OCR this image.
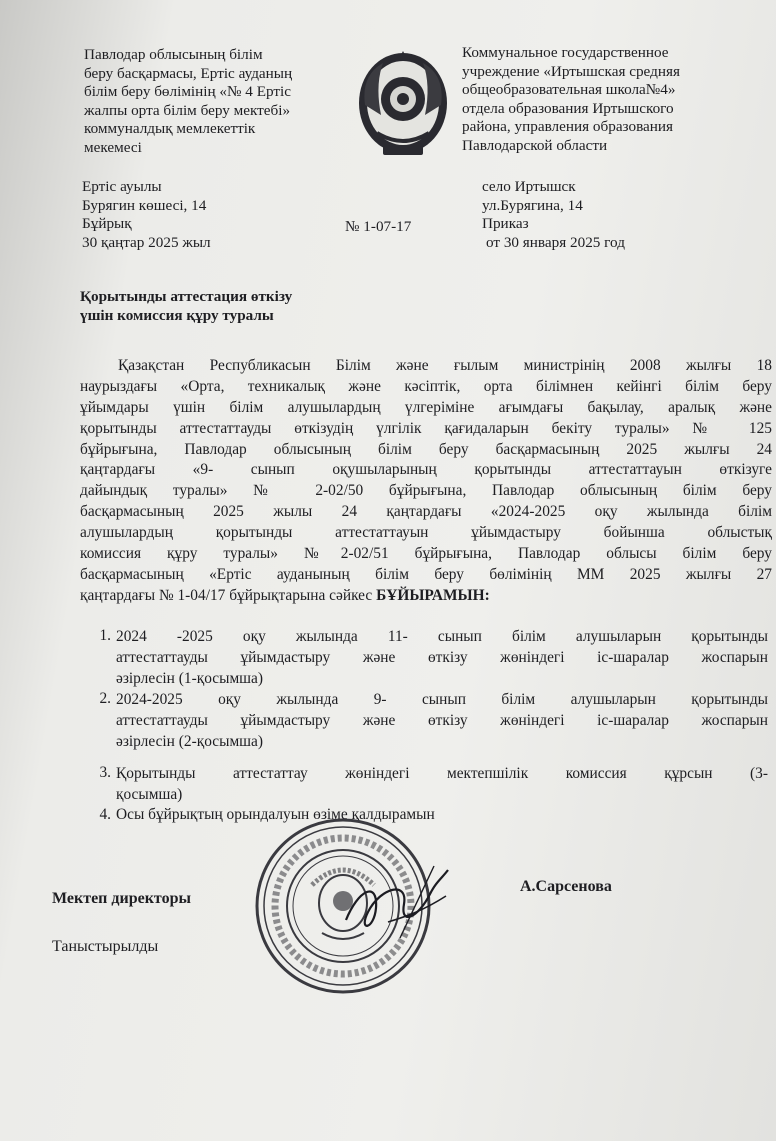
Павлодар облысының білім
беру басқармасы, Ертіс ауданың
білім беру бөлімінің «№ 4 Ертіс
жалпы орта білім беру мектебі»
коммуналдық мемлекеттік
мекемесі
Коммунальное государственное
учреждение «Иртышская средняя
общеобразовательная школа№4»
отдела образования Иртышского
района, управления образования
Павлодарской области
Ертіс ауылы
Бурягин көшесі, 14
Бұйрық
30 қаңтар 2025 жыл
№ 1-07-17
село Иртышск
ул.Бурягина, 14
Приказ
от 30 января 2025 год
Қорытынды аттестация өткізу
үшін комиссия құру туралы
Қазақстан Республикасын Білім және ғылым министрінің 2008 жылғы 18
наурыздағы «Орта, техникалық және кәсіптік, орта білімнен кейінгі білім беру
ұйымдары үшін білім алушылардың үлгеріміне ағымдағы бақылау, аралық және
қорытынды аттестаттауды өткізудің үлгілік қағидаларын бекіту туралы» № 125
бұйрығына, Павлодар облысының білім беру басқармасының 2025 жылғы 24
қаңтардағы «9- сынып оқушыларының қорытынды аттестаттауын өткізуге
дайындық туралы» № 2-02/50 бұйрығына, Павлодар облысының білім беру
басқармасының 2025 жылы 24 қаңтардағы «2024-2025 оқу жылында білім
алушылардың қорытынды аттестаттауын ұйымдастыру бойынша облыстық
комиссия құру туралы» №2-02/51 бұйрығына, Павлодар облысы білім беру
басқармасының «Ертіс ауданының білім беру бөлімінің ММ 2025 жылғы 27
қаңтардағы № 1-04/17 бұйрықтарына сәйкес БҰЙЫРАМЫН:
1. 2024 -2025 оқу жылында 11- сынып білім алушыларын қорытынды
аттестаттауды ұйымдастыру және өткізу жөніндегі іс-шаралар жоспарын
әзірлесін (1-қосымша)
2. 2024-2025 оқу жылында 9- сынып білім алушыларын қорытынды
аттестаттауды ұйымдастыру және өткізу жөніндегі іс-шаралар жоспарын
әзірлесін (2-қосымша)
3. Қорытынды аттестаттау жөніндегі мектепшілік комиссия құрсын (3-
қосымша)
4. Осы бұйрықтың орындалуын өзіме қалдырамын
Мектеп директоры
А.Сарсенова
Таныстырылды
